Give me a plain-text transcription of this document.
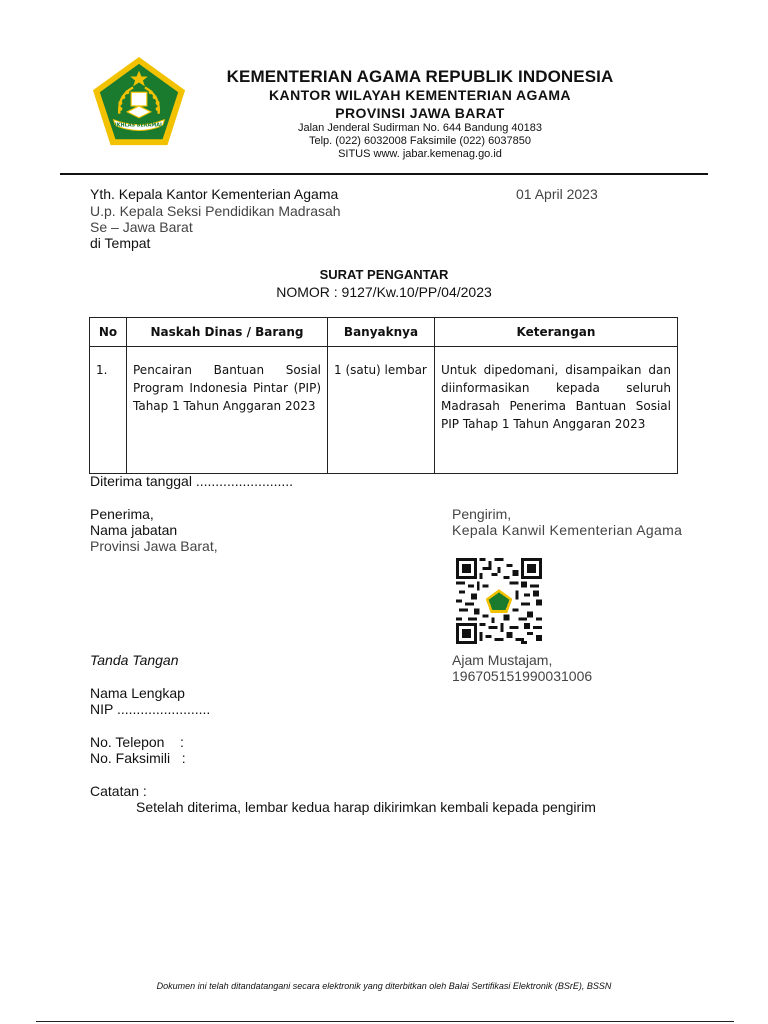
IKHLAS BERAMAL
KEMENTERIAN AGAMA REPUBLIK INDONESIA
KANTOR WILAYAH KEMENTERIAN AGAMA
PROVINSI JAWA BARAT
Jalan Jenderal Sudirman No. 644 Bandung 40183
Telp. (022) 6032008 Faksimile (022) 6037850
SITUS www. jabar.kemenag.go.id
Yth. Kepala Kantor Kementerian Agama
U.p. Kepala Seksi Pendidikan Madrasah
Se – Jawa Barat
di Tempat
01 April 2023
SURAT PENGANTAR
NOMOR : 9127/Kw.10/PP/04/2023
No	Naskah Dinas / Barang	Banyaknya	Keterangan
1.	Pencairan Bantuan Sosial Program Indonesia Pintar (PIP) Tahap 1 Tahun Anggaran 2023	1 (satu) lembar	Untuk dipedomani, disampaikan dan diinformasikan kepada seluruh Madrasah Penerima Bantuan Sosial PIP Tahap 1 Tahun Anggaran 2023
Diterima tanggal .........................
Penerima,
Nama jabatan
Provinsi Jawa Barat,
Tanda Tangan
Nama Lengkap
NIP ........................
No. Telepon    :
No. Faksimili   :
Pengirim,
Kepala Kanwil Kementerian Agama
Ajam Mustajam,
196705151990031006
Catatan :
Setelah diterima, lembar kedua harap dikirimkan kembali kepada pengirim
Dokumen ini telah ditandatangani secara elektronik yang diterbitkan oleh Balai Sertifikasi Elektronik (BSrE), BSSN
